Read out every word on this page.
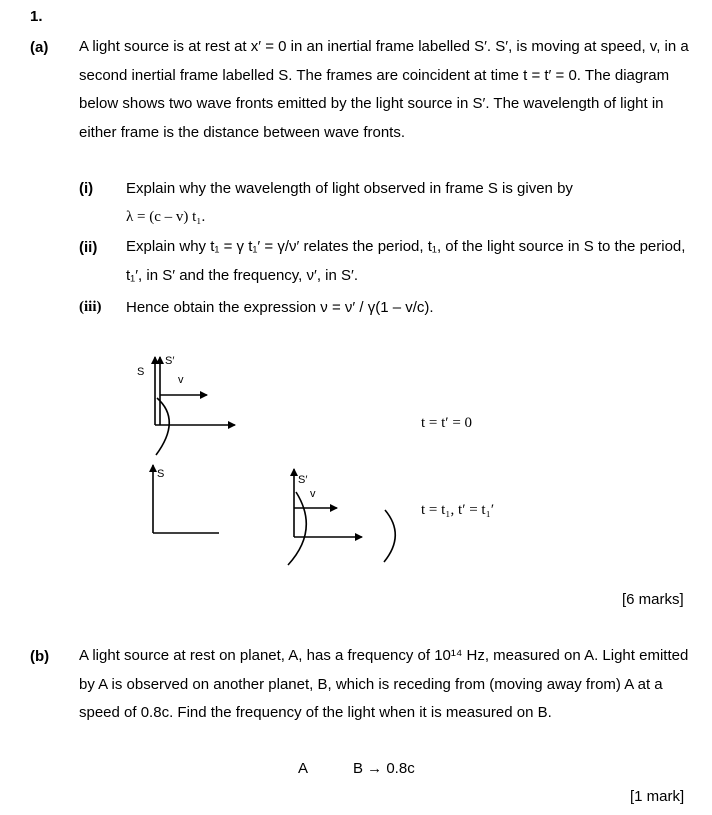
1.
(a) A light source is at rest at x′ = 0 in an inertial frame labelled S′. S′, is moving at speed, v, in a second inertial frame labelled S. The frames are coincident at time t = t′ = 0. The diagram below shows two wave fronts emitted by the light source in S′. The wavelength of light in either frame is the distance between wave fronts.
(i) Explain why the wavelength of light observed in frame S is given by
λ = (c – v) t₁.
(ii) Explain why t₁ = γ t₁′ = γ/ν′ relates the period, t₁, of the light source in S to the period, t₁′, in S′ and the frequency, ν′, in S′.
(iii) Hence obtain the expression ν = ν′ / γ(1 – v/c).
S
S′
v
S	S′
v
t = t′ = 0
t = t₁, t′ = t₁′
[6 marks]
(b) A light source at rest on planet, A, has a frequency of 10¹⁴ Hz, measured on A. Light emitted by A is observed on another planet, B, which is receding from (moving away from) A at a speed of 0.8c. Find the frequency of the light when it is measured on B.
A	B → 0.8c
[1 mark]
